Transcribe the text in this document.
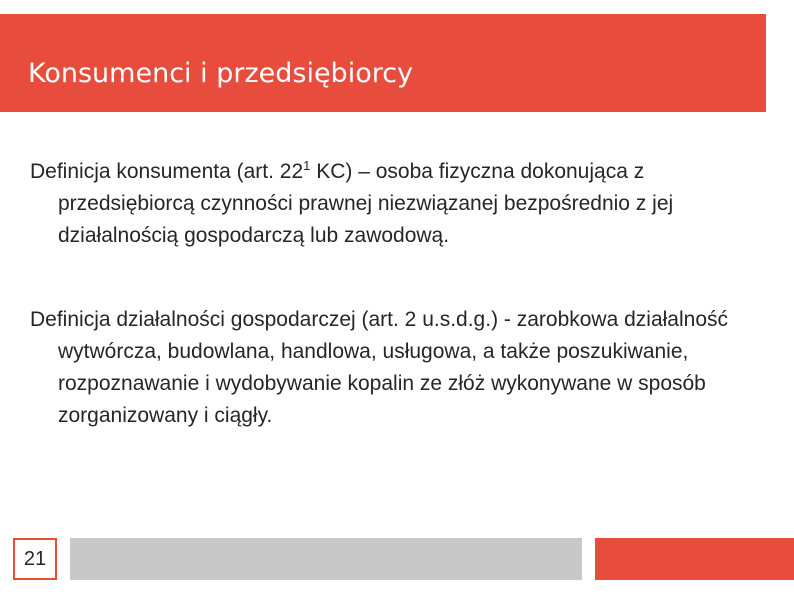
Konsumenci i przedsiębiorcy

Definicja konsumenta (art. $22^1$ KC) – osoba fizyczna dokonująca z przedsiębiorcą czynności prawnej niezwiązanej bezpośrednio z jej działalnością gospodarczą lub zawodową.

Definicja działalności gospodarczej (art. 2 u.s.d.g.) - zarobkowa działalność wytwórcza, budowlana, handlowa, usługowa, a także poszukiwanie, rozpoznawanie i wydobywanie kopalin ze złóż wykonywane w sposób zorganizowany i ciągły.

21
